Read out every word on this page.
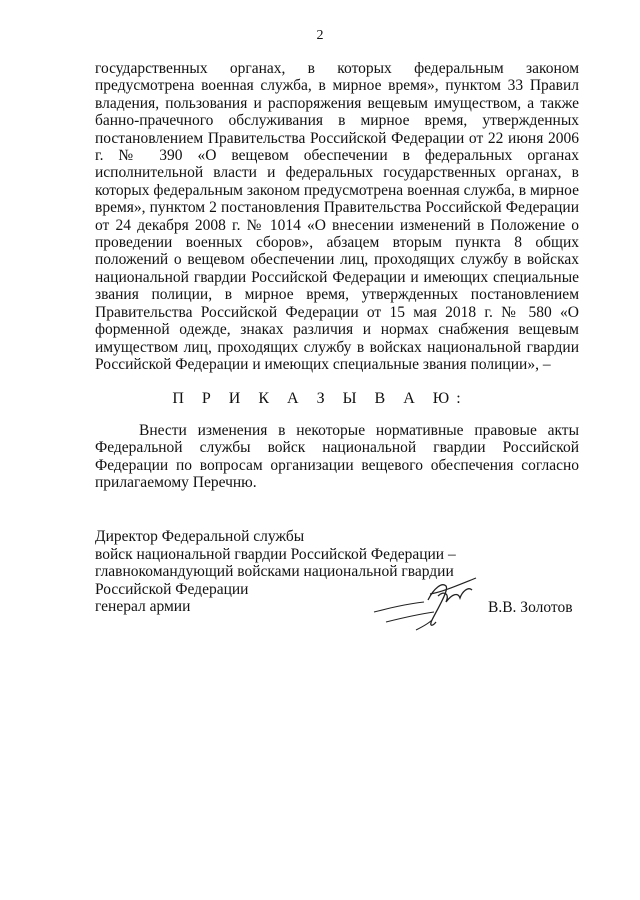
2

государственных органах, в которых федеральным законом предусмотрена военная служба, в мирное время», пунктом 33 Правил владения, пользования и распоряжения вещевым имуществом, а также банно-прачечного обслуживания в мирное время, утвержденных постановлением Правительства Российской Федерации от 22 июня 2006 г. № 390 «О вещевом обеспечении в федеральных органах исполнительной власти и федеральных государственных органах, в которых федеральным законом предусмотрена военная служба, в мирное время», пунктом 2 постановления Правительства Российской Федерации от 24 декабря 2008 г. № 1014 «О внесении изменений в Положение о проведении военных сборов», абзацем вторым пункта 8 общих положений о вещевом обеспечении лиц, проходящих службу в войсках национальной гвардии Российской Федерации и имеющих специальные звания полиции, в мирное время, утвержденных постановлением Правительства Российской Федерации от 15 мая 2018 г. № 580 «О форменной одежде, знаках различия и нормах снабжения вещевым имуществом лиц, проходящих службу в войсках национальной гвардии Российской Федерации и имеющих специальные звания полиции», –

П Р И К А З Ы В А Ю:

Внести изменения в некоторые нормативные правовые акты Федеральной службы войск национальной гвардии Российской Федерации по вопросам организации вещевого обеспечения согласно прилагаемому Перечню.

Директор Федеральной службы
войск национальной гвардии Российской Федерации –
главнокомандующий войсками национальной гвардии
Российской Федерации
генерал армии	В.В. Золотов
